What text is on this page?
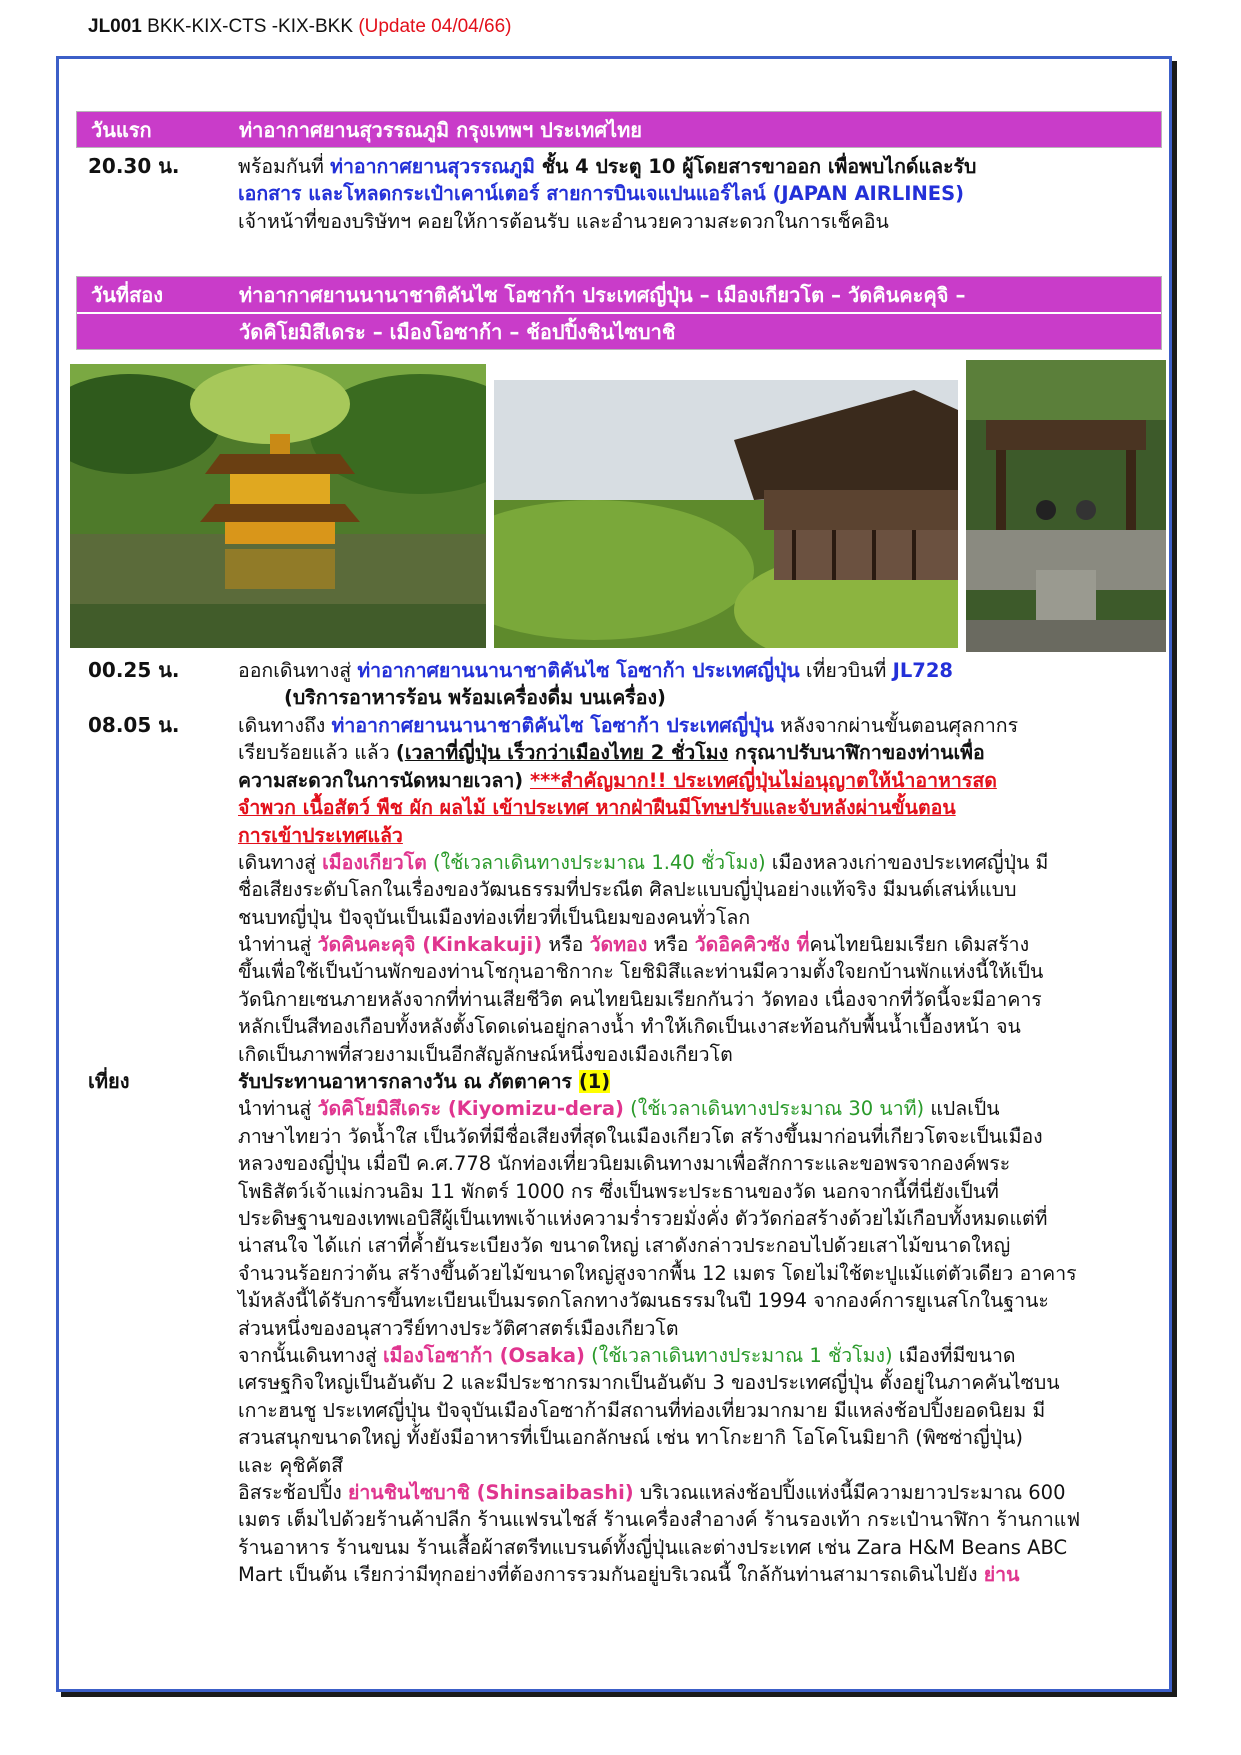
JL001 BKK-KIX-CTS -KIX-BKK (Update 04/04/66)
วันแรก	ท่าอากาศยานสุวรรณภูมิ กรุงเทพฯ ประเทศไทย
20.30 น.	พร้อมกันที่ ท่าอากาศยานสุวรรณภูมิ ชั้น 4 ประตู 10 ผู้โดยสารขาออก เพื่อพบไกด์และรับ
เอกสาร และโหลดกระเป๋าเคาน์เตอร์ สายการบินเจแปนแอร์ไลน์ (JAPAN AIRLINES)
เจ้าหน้าที่ของบริษัทฯ คอยให้การต้อนรับ และอำนวยความสะดวกในการเช็คอิน
วันที่สอง	ท่าอากาศยานนานาชาติคันไซ โอซาก้า ประเทศญี่ปุ่น – เมืองเกียวโต – วัดคินคะคุจิ –
วัดคิโยมิสึเดระ – เมืองโอซาก้า – ช้อปปิ้งชินไซบาชิ
00.25 น.	ออกเดินทางสู่ ท่าอากาศยานนานาชาติคันไซ โอซาก้า ประเทศญี่ปุ่น เที่ยวบินที่ JL728
(บริการอาหารร้อน พร้อมเครื่องดื่ม บนเครื่อง)
08.05 น.	เดินทางถึง ท่าอากาศยานนานาชาติคันไซ โอซาก้า ประเทศญี่ปุ่น หลังจากผ่านขั้นตอนศุลกากร
เรียบร้อยแล้ว แล้ว (เวลาที่ญี่ปุ่น เร็วกว่าเมืองไทย 2 ชั่วโมง กรุณาปรับนาฬิกาของท่านเพื่อ
ความสะดวกในการนัดหมายเวลา) ***สำคัญมาก!! ประเทศญี่ปุ่นไม่อนุญาตให้นำอาหารสด
จำพวก เนื้อสัตว์ พืช ผัก ผลไม้ เข้าประเทศ หากฝ่าฝืนมีโทษปรับและจับหลังผ่านขั้นตอน
การเข้าประเทศแล้ว
เดินทางสู่ เมืองเกียวโต (ใช้เวลาเดินทางประมาณ 1.40 ชั่วโมง) เมืองหลวงเก่าของประเทศญี่ปุ่น มี
ชื่อเสียงระดับโลกในเรื่องของวัฒนธรรมที่ประณีต ศิลปะแบบญี่ปุ่นอย่างแท้จริง มีมนต์เสน่ห์แบบ
ชนบทญี่ปุ่น ปัจจุบันเป็นเมืองท่องเที่ยวที่เป็นนิยมของคนทั่วโลก
นำท่านสู่ วัดคินคะคุจิ (Kinkakuji) หรือ วัดทอง หรือ วัดอิคคิวซัง ที่คนไทยนิยมเรียก เดิมสร้าง
ขึ้นเพื่อใช้เป็นบ้านพักของท่านโชกุนอาชิกากะ โยชิมิสึและท่านมีความตั้งใจยกบ้านพักแห่งนี้ให้เป็น
วัดนิกายเซนภายหลังจากที่ท่านเสียชีวิต คนไทยนิยมเรียกกันว่า วัดทอง เนื่องจากที่วัดนี้จะมีอาคาร
หลักเป็นสีทองเกือบทั้งหลังตั้งโดดเด่นอยู่กลางน้ำ ทำให้เกิดเป็นเงาสะท้อนกับพื้นน้ำเบื้องหน้า จน
เกิดเป็นภาพที่สวยงามเป็นอีกสัญลักษณ์หนึ่งของเมืองเกียวโต
เที่ยง	รับประทานอาหารกลางวัน ณ ภัตตาคาร (1)
นำท่านสู่ วัดคิโยมิสึเดระ (Kiyomizu-dera) (ใช้เวลาเดินทางประมาณ 30 นาที) แปลเป็น
ภาษาไทยว่า วัดน้ำใส เป็นวัดที่มีชื่อเสียงที่สุดในเมืองเกียวโต สร้างขึ้นมาก่อนที่เกียวโตจะเป็นเมือง
หลวงของญี่ปุ่น เมื่อปี ค.ศ.778 นักท่องเที่ยวนิยมเดินทางมาเพื่อสักการะและขอพรจากองค์พระ
โพธิสัตว์เจ้าแม่กวนอิม 11 พักตร์ 1000 กร ซึ่งเป็นพระประธานของวัด นอกจากนี้ที่นี่ยังเป็นที่
ประดิษฐานของเทพเอบิสึผู้เป็นเทพเจ้าแห่งความร่ำรวยมั่งคั่ง ตัววัดก่อสร้างด้วยไม้เกือบทั้งหมดแต่ที่
น่าสนใจ ได้แก่ เสาที่ค้ำยันระเบียงวัด ขนาดใหญ่ เสาดังกล่าวประกอบไปด้วยเสาไม้ขนาดใหญ่
จำนวนร้อยกว่าต้น สร้างขึ้นด้วยไม้ขนาดใหญ่สูงจากพื้น 12 เมตร โดยไม่ใช้ตะปูแม้แต่ตัวเดียว อาคาร
ไม้หลังนี้ได้รับการขึ้นทะเบียนเป็นมรดกโลกทางวัฒนธรรมในปี 1994 จากองค์การยูเนสโกในฐานะ
ส่วนหนึ่งของอนุสาวรีย์ทางประวัติศาสตร์เมืองเกียวโต
จากนั้นเดินทางสู่ เมืองโอซาก้า (Osaka) (ใช้เวลาเดินทางประมาณ 1 ชั่วโมง) เมืองที่มีขนาด
เศรษฐกิจใหญ่เป็นอันดับ 2 และมีประชากรมากเป็นอันดับ 3 ของประเทศญี่ปุ่น ตั้งอยู่ในภาคคันไซบน
เกาะฮนชู ประเทศญี่ปุ่น ปัจจุบันเมืองโอซาก้ามีสถานที่ท่องเที่ยวมากมาย มีแหล่งช้อปปิ้งยอดนิยม มี
สวนสนุกขนาดใหญ่ ทั้งยังมีอาหารที่เป็นเอกลักษณ์ เช่น ทาโกะยากิ โอโคโนมิยากิ (พิซซ่าญี่ปุ่น)
และ คุชิคัตสึ
อิสระช้อปปิ้ง ย่านชินไซบาชิ (Shinsaibashi) บริเวณแหล่งช้อปปิ้งแห่งนี้มีความยาวประมาณ 600
เมตร เต็มไปด้วยร้านค้าปลีก ร้านแฟรนไชส์ ร้านเครื่องสำอางค์ ร้านรองเท้า กระเป๋านาฬิกา ร้านกาแฟ
ร้านอาหาร ร้านขนม ร้านเสื้อผ้าสตรีทแบรนด์ทั้งญี่ปุ่นและต่างประเทศ เช่น Zara H&M Beans ABC
Mart เป็นต้น เรียกว่ามีทุกอย่างที่ต้องการรวมกันอยู่บริเวณนี้ ใกล้กันท่านสามารถเดินไปยัง ย่าน
